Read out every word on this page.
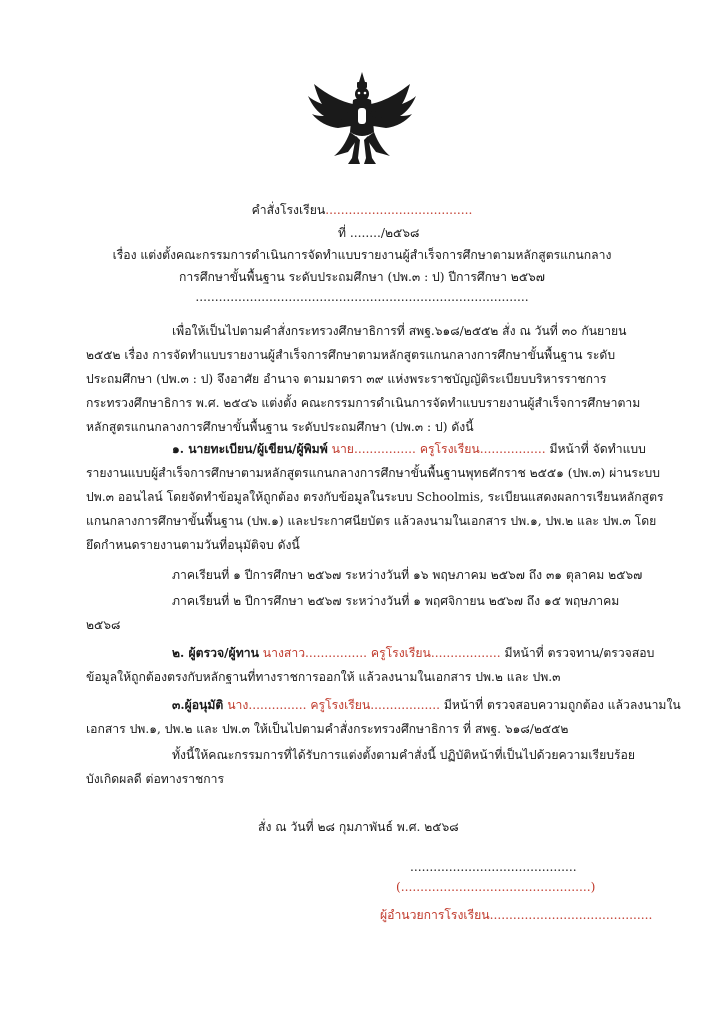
คำสั่งโรงเรียน......................................
ที่ ......../๒๕๖๘
เรื่อง แต่งตั้งคณะกรรมการดำเนินการจัดทำแบบรายงานผู้สำเร็จการศึกษาตามหลักสูตรแกนกลาง
การศึกษาขั้นพื้นฐาน ระดับประถมศึกษา (ปพ.๓ : ป) ปีการศึกษา ๒๕๖๗
......................................................................................
เพื่อให้เป็นไปตามคำสั่งกระทรวงศึกษาธิการที่ สพฐ.๖๑๘/๒๕๕๒ สั่ง ณ วันที่ ๓๐ กันยายน
๒๕๕๒ เรื่อง การจัดทำแบบรายงานผู้สำเร็จการศึกษาตามหลักสูตรแกนกลางการศึกษาขั้นพื้นฐาน ระดับ
ประถมศึกษา (ปพ.๓ : ป) จึงอาศัย อำนาจ ตามมาตรา ๓๙ แห่งพระราชบัญญัติระเบียบบริหารราชการ
กระทรวงศึกษาธิการ พ.ศ. ๒๕๔๖ แต่งตั้ง คณะกรรมการดำเนินการจัดทำแบบรายงานผู้สำเร็จการศึกษาตาม
หลักสูตรแกนกลางการศึกษาขั้นพื้นฐาน ระดับประถมศึกษา (ปพ.๓ : ป) ดังนี้
๑. นายทะเบียน/ผู้เขียน/ผู้พิมพ์ นาย................ ครูโรงเรียน................. มีหน้าที่ จัดทำแบบ
รายงานแบบผู้สำเร็จการศึกษาตามหลักสูตรแกนกลางการศึกษาขั้นพื้นฐานพุทธศักราช ๒๕๕๑ (ปพ.๓) ผ่านระบบ
ปพ.๓ ออนไลน์ โดยจัดทำข้อมูลให้ถูกต้อง ตรงกับข้อมูลในระบบ Schoolmis, ระเบียนแสดงผลการเรียนหลักสูตร
แกนกลางการศึกษาขั้นพื้นฐาน (ปพ.๑) และประกาศนียบัตร แล้วลงนามในเอกสาร ปพ.๑, ปพ.๒ และ ปพ.๓ โดย
ยึดกำหนดรายงานตามวันที่อนุมัติจบ ดังนี้
ภาคเรียนที่ ๑ ปีการศึกษา ๒๕๖๗ ระหว่างวันที่ ๑๖ พฤษภาคม ๒๕๖๗ ถึง ๓๑ ตุลาคม ๒๕๖๗
ภาคเรียนที่ ๒ ปีการศึกษา ๒๕๖๗ ระหว่างวันที่ ๑ พฤศจิกายน ๒๕๖๗ ถึง ๑๕ พฤษภาคม
๒๕๖๘
๒. ผู้ตรวจ/ผู้ทาน นางสาว................ ครูโรงเรียน.................. มีหน้าที่ ตรวจทาน/ตรวจสอบ
ข้อมูลให้ถูกต้องตรงกับหลักฐานที่ทางราชการออกให้ แล้วลงนามในเอกสาร ปพ.๒ และ ปพ.๓
๓.ผู้อนุมัติ นาง............... ครูโรงเรียน.................. มีหน้าที่ ตรวจสอบความถูกต้อง แล้วลงนามใน
เอกสาร ปพ.๑, ปพ.๒ และ ปพ.๓ ให้เป็นไปตามคำสั่งกระทรวงศึกษาธิการ ที่ สพฐ. ๖๑๘/๒๕๕๒
ทั้งนี้ให้คณะกรรมการที่ได้รับการแต่งตั้งตามคำสั่งนี้ ปฏิบัติหน้าที่เป็นไปด้วยความเรียบร้อย
บังเกิดผลดี ต่อทางราชการ
สั่ง ณ วันที่ ๒๘ กุมภาพันธ์ พ.ศ. ๒๕๖๘
...........................................
(.................................................)
ผู้อำนวยการโรงเรียน..........................................
